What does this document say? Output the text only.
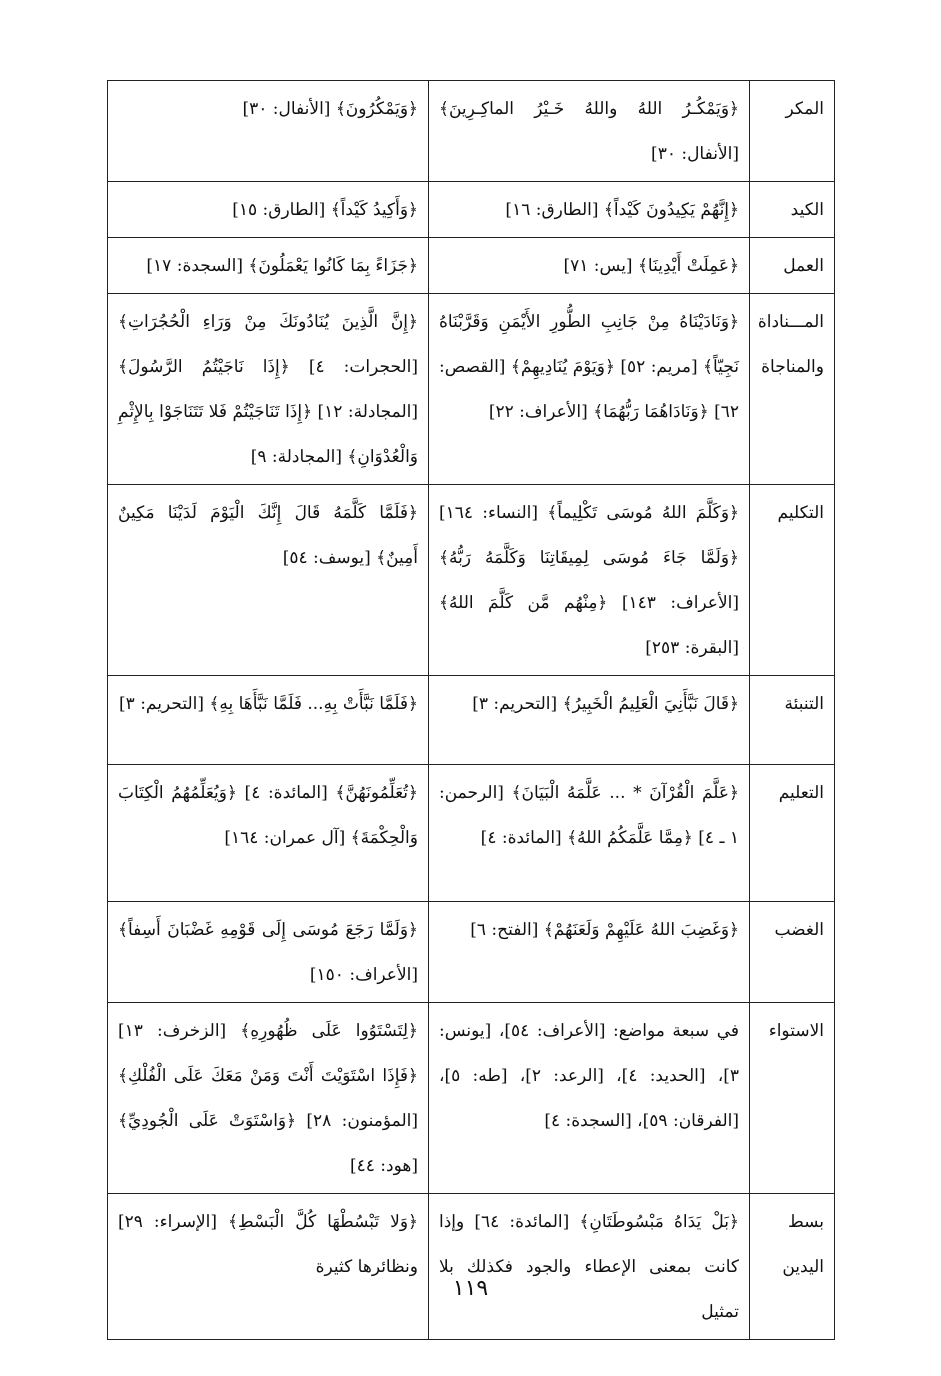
المكر	﴿وَيَمْكُـرُ اللهُ واللهُ خَـيْرُ الماكِـرِينَ﴾ [الأنفال: ٣٠]	﴿وَيَمْكُرُونَ﴾ [الأنفال: ٣٠]
الكيد	﴿إِنَّهُمْ يَكِيدُونَ كَيْداً﴾ [الطارق: ١٦]	﴿وَأَكِيدُ كَيْداً﴾ [الطارق: ١٥]
العمل	﴿عَمِلَتْ أَيْدِينَا﴾ [يس: ٧١]	﴿جَزَاءً بِمَا كَانُوا يَعْمَلُونَ﴾ [السجدة: ١٧]
المـــناداة والمناجاة	﴿وَنَادَيْنَاهُ مِنْ جَانِبِ الطُّورِ الأَيْمَنِ وَقَرَّبْنَاهُ نَجِيّاً﴾ [مريم: ٥٢] ﴿وَيَوْمَ يُنَادِيهِمْ﴾ [القصص: ٦٢] ﴿وَنَادَاهُمَا رَبُّهُمَا﴾ [الأعراف: ٢٢]	﴿إِنَّ الَّذِينَ يُنَادُونَكَ مِنْ وَرَاءِ الْحُجُرَاتِ﴾ [الحجرات: ٤] ﴿إِذَا نَاجَيْتُمُ الرَّسُولَ﴾ [المجادلة: ١٢] ﴿إِذَا تَنَاجَيْتُمْ فَلا تَتَنَاجَوْا بِالإِثْمِ وَالْعُدْوَانِ﴾ [المجادلة: ٩]
التكليم	﴿وَكَلَّمَ اللهُ مُوسَى تَكْلِيماً﴾ [النساء: ١٦٤] ﴿وَلَمَّا جَاءَ مُوسَى لِمِيقَاتِنَا وَكَلَّمَهُ رَبُّهُ﴾ [الأعراف: ١٤٣] ﴿مِنْهُم مَّن كَلَّمَ اللهُ﴾ [البقرة: ٢٥٣]	﴿فَلَمَّا كَلَّمَهُ قَالَ إِنَّكَ الْيَوْمَ لَدَيْنَا مَكِينٌ أَمِينٌ﴾ [يوسف: ٥٤]
التنبئة	﴿قَالَ نَبَّأَنِيَ الْعَلِيمُ الْخَبِيرُ﴾ [التحريم: ٣]	﴿فَلَمَّا نَبَّأَتْ بِهِ... فَلَمَّا نَبَّأَهَا بِهِ﴾ [التحريم: ٣]
التعليم	﴿عَلَّمَ الْقُرْآنَ * ... عَلَّمَهُ الْبَيَانَ﴾ [الرحمن: ١ ـ ٤] ﴿مِمَّا عَلَّمَكُمُ اللهُ﴾ [المائدة: ٤]	﴿تُعَلِّمُونَهُنَّ﴾ [المائدة: ٤] ﴿وَيُعَلِّمُهُمُ الْكِتَابَ وَالْحِكْمَةَ﴾ [آل عمران: ١٦٤]
الغضب	﴿وَغَضِبَ اللهُ عَلَيْهِمْ وَلَعَنَهُمْ﴾ [الفتح: ٦]	﴿وَلَمَّا رَجَعَ مُوسَى إِلَى قَوْمِهِ غَضْبَانَ أَسِفاً﴾ [الأعراف: ١٥٠]
الاستواء	في سبعة مواضع: [الأعراف: ٥٤]، [يونس: ٣]، [الحديد: ٤]، [الرعد: ٢]، [طه: ٥]، [الفرقان: ٥٩]، [السجدة: ٤]	﴿لِتَسْتَوُوا عَلَى ظُهُورِهِ﴾ [الزخرف: ١٣] ﴿فَإِذَا اسْتَوَيْتَ أَنْتَ وَمَنْ مَعَكَ عَلَى الْفُلْكِ﴾ [المؤمنون: ٢٨] ﴿وَاسْتَوَتْ عَلَى الْجُودِيِّ﴾ [هود: ٤٤]
بسط اليدين	﴿بَلْ يَدَاهُ مَبْسُوطَتَانِ﴾ [المائدة: ٦٤] وإذا كانت بمعنى الإعطاء والجود فكذلك بلا تمثيل	﴿وَلا تَبْسُطْهَا كُلَّ الْبَسْطِ﴾ [الإسراء: ٢٩] ونظائرها كثيرة
١١٩
